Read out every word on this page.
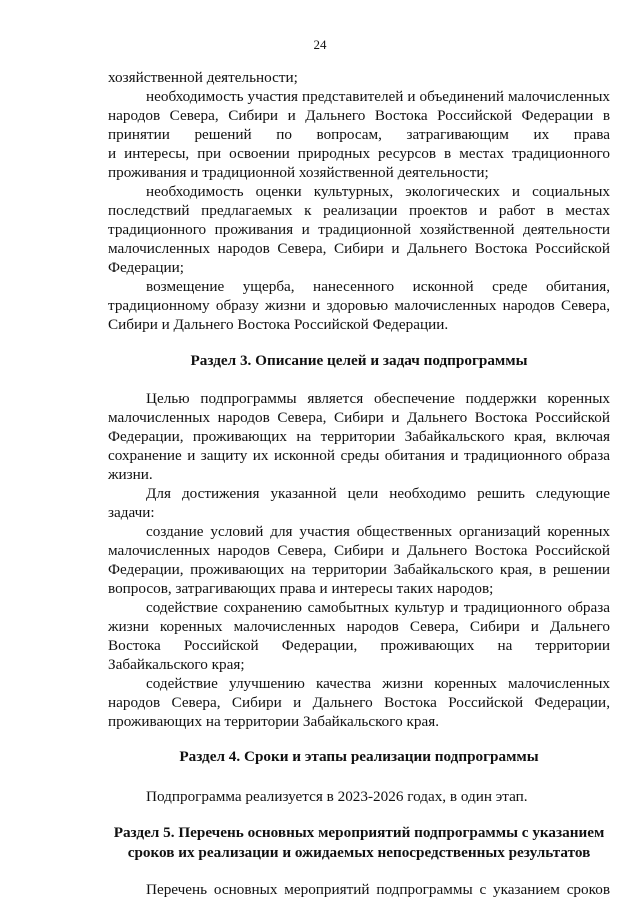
24
хозяйственной деятельности;
необходимость участия представителей и объединений малочисленных
народов Севера, Сибири и Дальнего Востока Российской Федерации в
принятии решений по вопросам, затрагивающим их права
и интересы, при освоении природных ресурсов в местах традиционного
проживания и традиционной хозяйственной деятельности;
необходимость оценки культурных, экологических и социальных
последствий предлагаемых к реализации проектов и работ в местах
традиционного проживания и традиционной хозяйственной деятельности
малочисленных народов Севера, Сибири и Дальнего Востока Российской
Федерации;
возмещение ущерба, нанесенного исконной среде обитания,
традиционному образу жизни и здоровью малочисленных народов Севера,
Сибири и Дальнего Востока Российской Федерации.
Раздел 3. Описание целей и задач подпрограммы
Целью подпрограммы является обеспечение поддержки коренных
малочисленных народов Севера, Сибири и Дальнего Востока Российской
Федерации, проживающих на территории Забайкальского края, включая
сохранение и защиту их исконной среды обитания и традиционного образа
жизни.
Для достижения указанной цели необходимо решить следующие
задачи:
создание условий для участия общественных организаций коренных
малочисленных народов Севера, Сибири и Дальнего Востока Российской
Федерации, проживающих на территории Забайкальского края, в решении
вопросов, затрагивающих права и интересы таких народов;
содействие сохранению самобытных культур и традиционного образа
жизни коренных малочисленных народов Севера, Сибири и Дальнего
Востока Российской Федерации, проживающих на территории
Забайкальского края;
содействие улучшению качества жизни коренных малочисленных
народов Севера, Сибири и Дальнего Востока Российской Федерации,
проживающих на территории Забайкальского края.
Раздел 4. Сроки и этапы реализации подпрограммы
Подпрограмма реализуется в 2023-2026 годах, в один этап.
Раздел 5. Перечень основных мероприятий подпрограммы с указанием
сроков их реализации и ожидаемых непосредственных результатов
Перечень основных мероприятий подпрограммы с указанием сроков
